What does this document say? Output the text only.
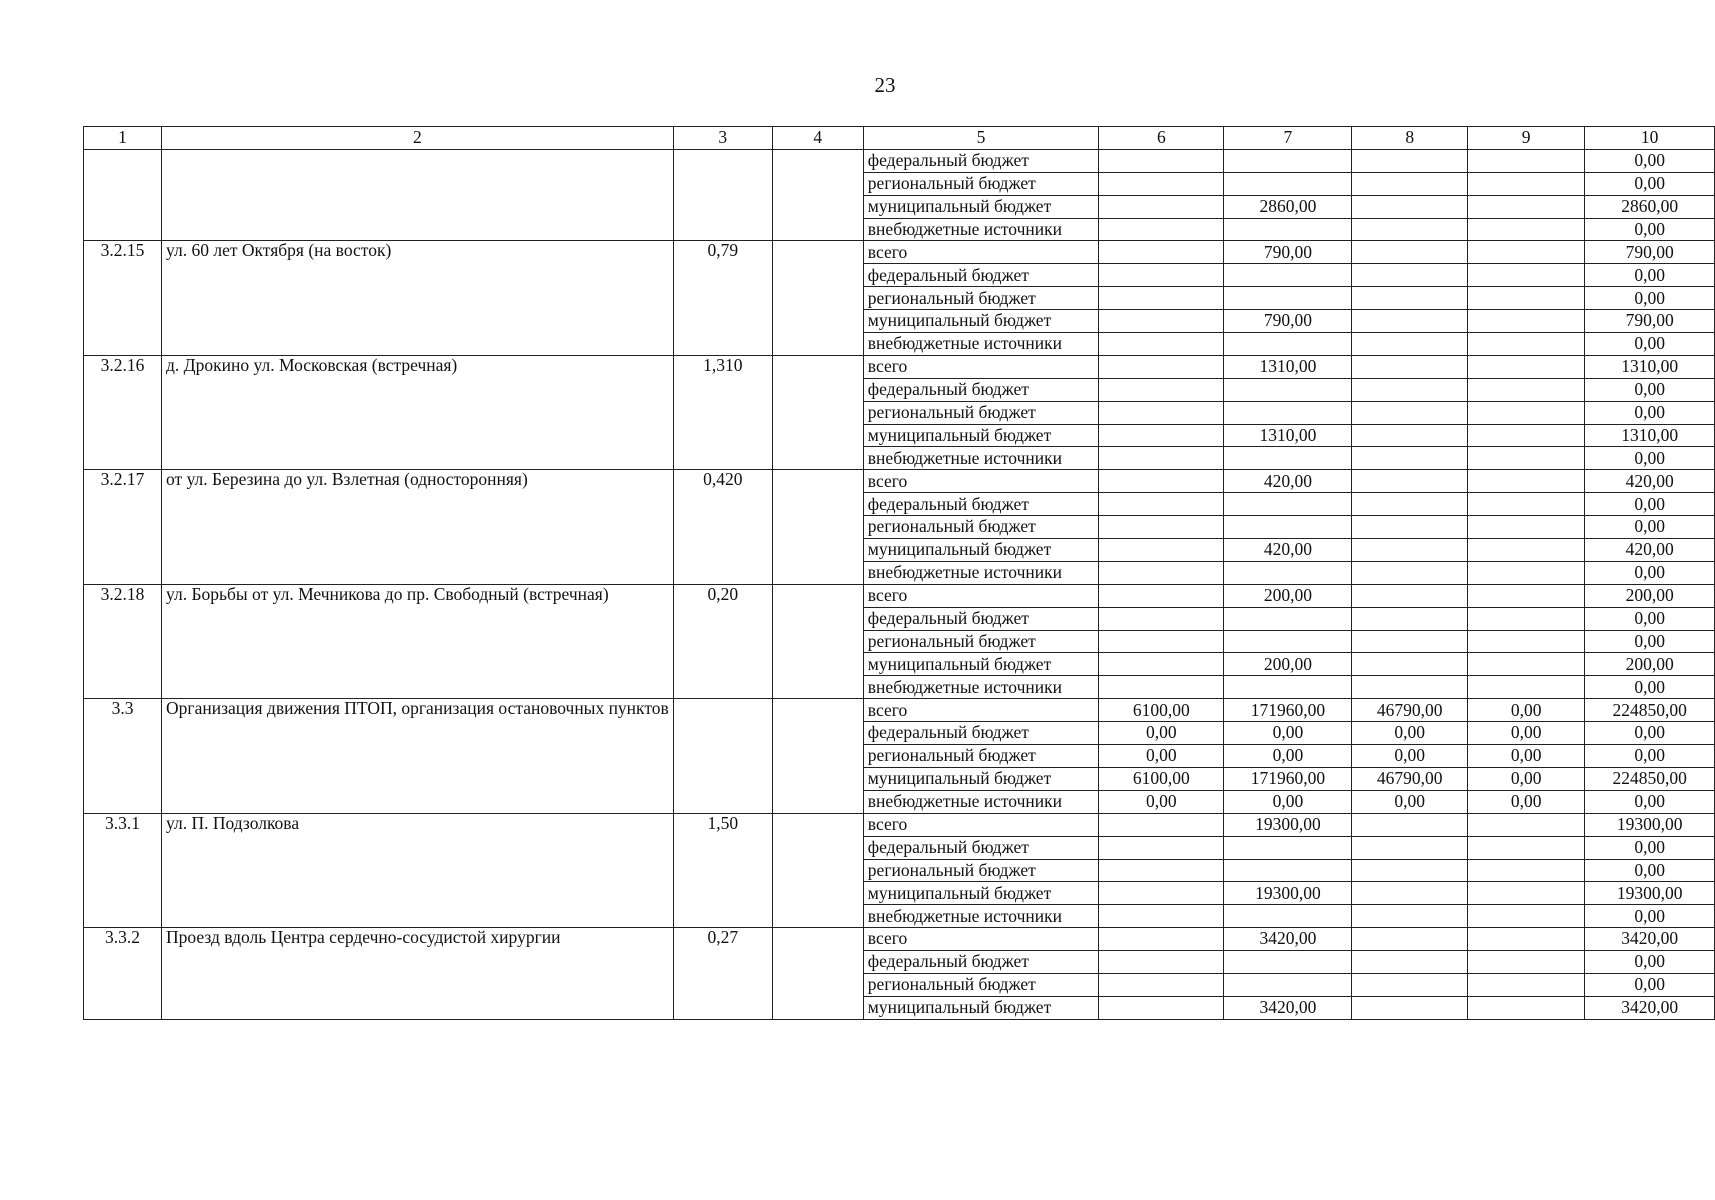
23
1	2	3	4	5	6	7	8	9	10
				федеральный бюджет					0,00
				региональный бюджет					0,00
				муниципальный бюджет		2860,00			2860,00
				внебюджетные источники					0,00
3.2.15	ул. 60 лет Октября (на восток)	0,79		всего		790,00			790,00
				федеральный бюджет					0,00
				региональный бюджет					0,00
				муниципальный бюджет		790,00			790,00
				внебюджетные источники					0,00
3.2.16	д. Дрокино ул. Московская (встречная)	1,310		всего		1310,00			1310,00
				федеральный бюджет					0,00
				региональный бюджет					0,00
				муниципальный бюджет		1310,00			1310,00
				внебюджетные источники					0,00
3.2.17	от ул. Березина до ул. Взлетная (односторонняя)	0,420		всего		420,00			420,00
				федеральный бюджет					0,00
				региональный бюджет					0,00
				муниципальный бюджет		420,00			420,00
				внебюджетные источники					0,00
3.2.18	ул. Борьбы от ул. Мечникова до пр. Свободный (встречная)	0,20		всего		200,00			200,00
				федеральный бюджет					0,00
				региональный бюджет					0,00
				муниципальный бюджет		200,00			200,00
				внебюджетные источники					0,00
3.3	Организация движения ПТОП, организация остановочных пунктов			всего	6100,00	171960,00	46790,00	0,00	224850,00
				федеральный бюджет	0,00	0,00	0,00	0,00	0,00
				региональный бюджет	0,00	0,00	0,00	0,00	0,00
				муниципальный бюджет	6100,00	171960,00	46790,00	0,00	224850,00
				внебюджетные источники	0,00	0,00	0,00	0,00	0,00
3.3.1	ул. П. Подзолкова	1,50		всего		19300,00			19300,00
				федеральный бюджет					0,00
				региональный бюджет					0,00
				муниципальный бюджет		19300,00			19300,00
				внебюджетные источники					0,00
3.3.2	Проезд вдоль Центра сердечно-сосудистой хирургии	0,27		всего		3420,00			3420,00
				федеральный бюджет					0,00
				региональный бюджет					0,00
				муниципальный бюджет		3420,00			3420,00
